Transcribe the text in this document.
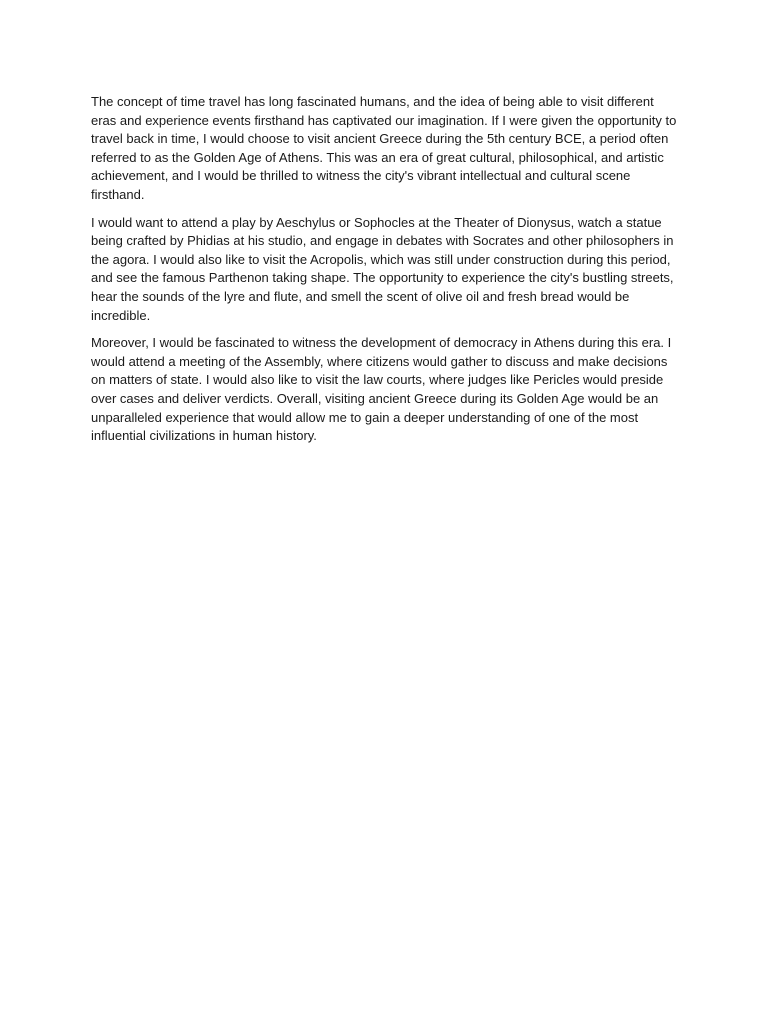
The concept of time travel has long fascinated humans, and the idea of being able to visit different eras and experience events firsthand has captivated our imagination. If I were given the opportunity to travel back in time, I would choose to visit ancient Greece during the 5th century BCE, a period often referred to as the Golden Age of Athens. This was an era of great cultural, philosophical, and artistic achievement, and I would be thrilled to witness the city's vibrant intellectual and cultural scene firsthand.

I would want to attend a play by Aeschylus or Sophocles at the Theater of Dionysus, watch a statue being crafted by Phidias at his studio, and engage in debates with Socrates and other philosophers in the agora. I would also like to visit the Acropolis, which was still under construction during this period, and see the famous Parthenon taking shape. The opportunity to experience the city's bustling streets, hear the sounds of the lyre and flute, and smell the scent of olive oil and fresh bread would be incredible.

Moreover, I would be fascinated to witness the development of democracy in Athens during this era. I would attend a meeting of the Assembly, where citizens would gather to discuss and make decisions on matters of state. I would also like to visit the law courts, where judges like Pericles would preside over cases and deliver verdicts. Overall, visiting ancient Greece during its Golden Age would be an unparalleled experience that would allow me to gain a deeper understanding of one of the most influential civilizations in human history.
